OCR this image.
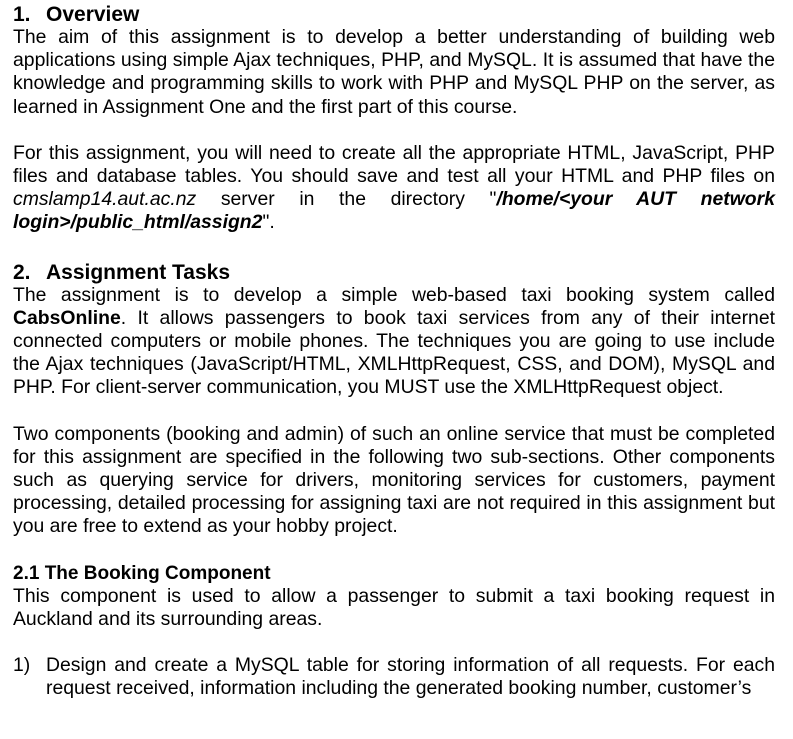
1. Overview

The aim of this assignment is to develop a better understanding of building web applications using simple Ajax techniques, PHP, and MySQL. It is assumed that have the knowledge and programming skills to work with PHP and MySQL PHP on the server, as learned in Assignment One and the first part of this course.

For this assignment, you will need to create all the appropriate HTML, JavaScript, PHP files and database tables. You should save and test all your HTML and PHP files on cmslamp14.aut.ac.nz server in the directory "/home/<your AUT network login>/public_html/assign2".

2. Assignment Tasks

The assignment is to develop a simple web-based taxi booking system called CabsOnline. It allows passengers to book taxi services from any of their internet connected computers or mobile phones. The techniques you are going to use include the Ajax techniques (JavaScript/HTML, XMLHttpRequest, CSS, and DOM), MySQL and PHP. For client-server communication, you MUST use the XMLHttpRequest object.

Two components (booking and admin) of such an online service that must be completed for this assignment are specified in the following two sub-sections. Other components such as querying service for drivers, monitoring services for customers, payment processing, detailed processing for assigning taxi are not required in this assignment but you are free to extend as your hobby project.

2.1 The Booking Component

This component is used to allow a passenger to submit a taxi booking request in Auckland and its surrounding areas.

1) Design and create a MySQL table for storing information of all requests. For each request received, information including the generated booking number, customer’s
